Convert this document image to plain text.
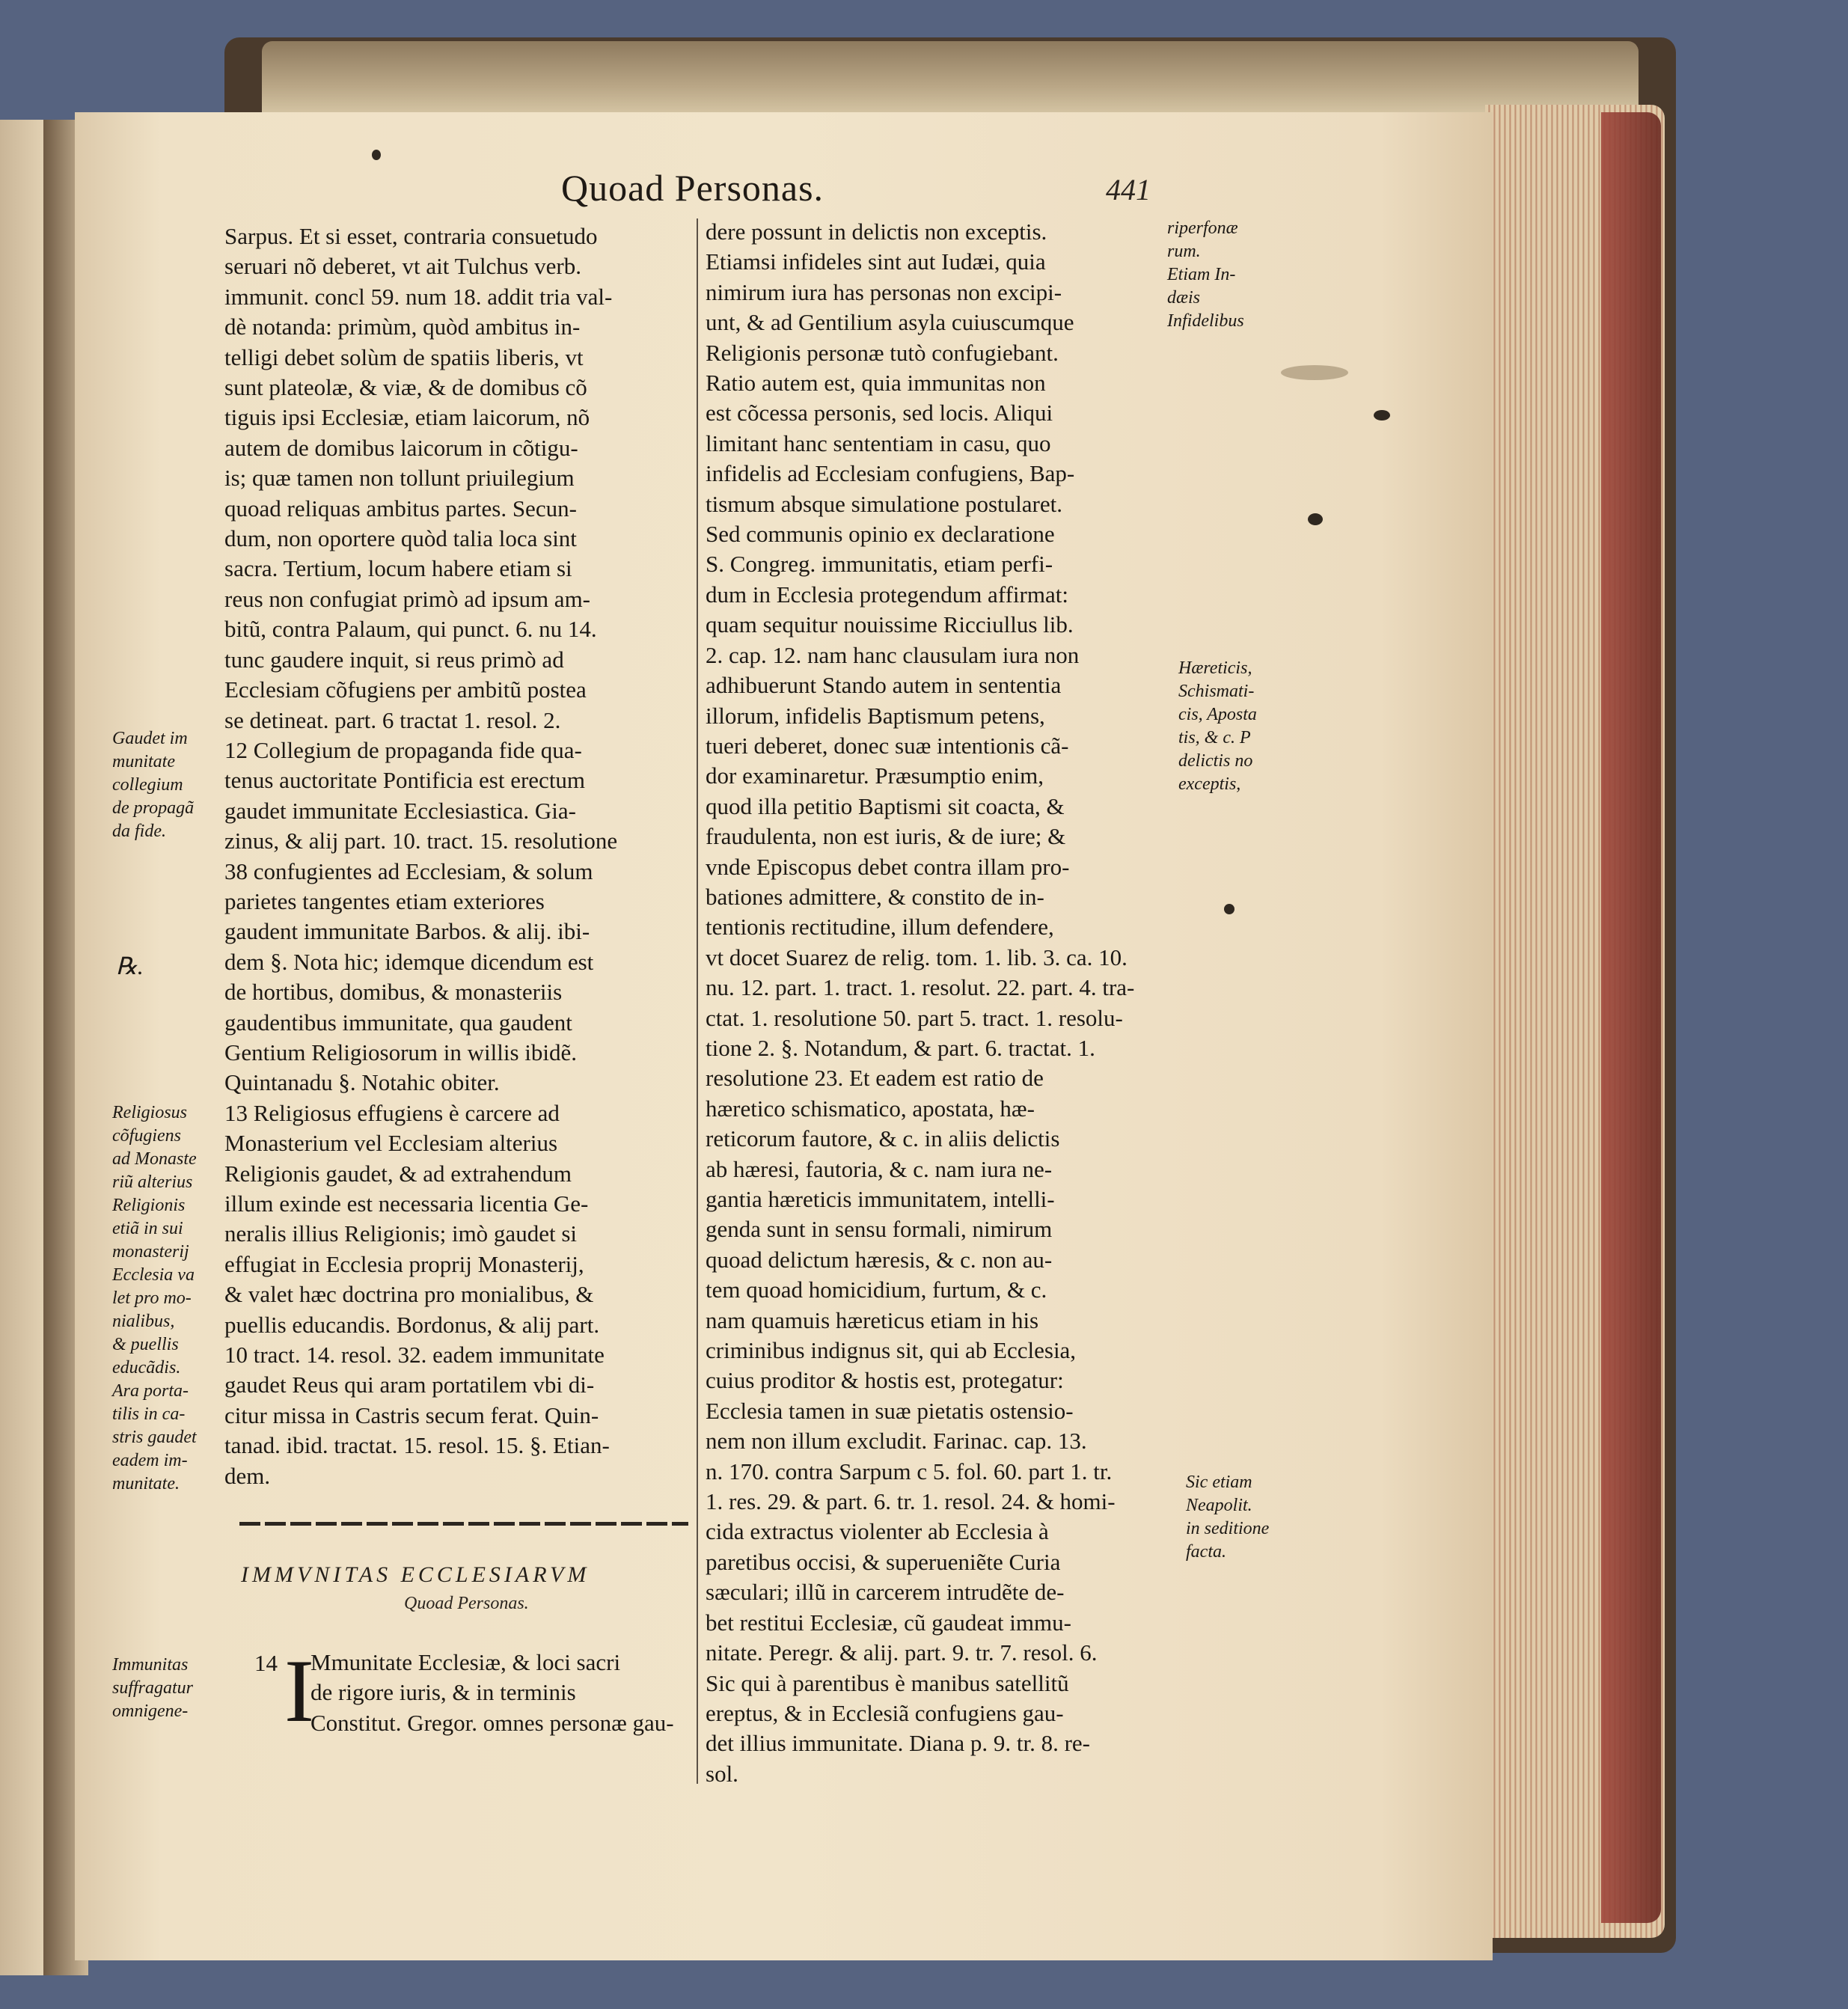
Quoad Personas.	441
Sarpus. Et si esset, contraria consuetudo
seruari nõ deberet, vt ait Tulchus verb.
immunit. concl 59. num 18. addit tria val-
dè notanda: primùm, quòd ambitus in-
telligi debet solùm de spatiis liberis, vt
sunt plateolæ, & viæ, & de domibus cõ
tiguis ipsi Ecclesiæ, etiam laicorum, nõ
autem de domibus laicorum in cõtigu-
is; quæ tamen non tollunt priuilegium
quoad reliquas ambitus partes. Secun-
dum, non oportere quòd talia loca sint
sacra. Tertium, locum habere etiam si
reus non confugiat primò ad ipsum am-
bitũ, contra Palaum, qui punct. 6. nu 14.
tunc gaudere inquit, si reus primò ad
Ecclesiam cõfugiens per ambitũ postea
se detineat. part. 6 tractat 1. resol. 2.
12 Collegium de propaganda fide qua-
tenus auctoritate Pontificia est erectum
gaudet immunitate Ecclesiastica. Gia-
zinus, & alij part. 10. tract. 15. resolutione
38 confugientes ad Ecclesiam, & solum
parietes tangentes etiam exteriores
gaudent immunitate Barbos. & alij. ibi-
dem §. Nota hic; idemque dicendum est
de hortibus, domibus, & monasteriis
gaudentibus immunitate, qua gaudent
Gentium Religiosorum in willis ibidẽ.
Quintanadu §. Notahic obiter.
13 Religiosus effugiens è carcere ad
Monasterium vel Ecclesiam alterius
Religionis gaudet, & ad extrahendum
illum exinde est necessaria licentia Ge-
neralis illius Religionis; imò gaudet si
effugiat in Ecclesia proprij Monasterij,
& valet hæc doctrina pro monialibus, &
puellis educandis. Bordonus, & alij part.
10 tract. 14. resol. 32. eadem immunitate
gaudet Reus qui aram portatilem vbi di-
citur missa in Castris secum ferat. Quin-
tanad. ibid. tractat. 15. resol. 15. §. Etian-
dem.
dere possunt in delictis non exceptis.
Etiamsi infideles sint aut Iudæi, quia
nimirum iura has personas non excipi-
unt, & ad Gentilium asyla cuiuscumque
Religionis personæ tutò confugiebant.
Ratio autem est, quia immunitas non
est cõcessa personis, sed locis. Aliqui
limitant hanc sententiam in casu, quo
infidelis ad Ecclesiam confugiens, Bap-
tismum absque simulatione postularet.
Sed communis opinio ex declaratione
S. Congreg. immunitatis, etiam perfi-
dum in Ecclesia protegendum affirmat:
quam sequitur nouissime Ricciullus lib.
2. cap. 12. nam hanc clausulam iura non
adhibuerunt Stando autem in sententia
illorum, infidelis Baptismum petens,
tueri deberet, donec suæ intentionis cã-
dor examinaretur. Præsumptio enim,
quod illa petitio Baptismi sit coacta, &
fraudulenta, non est iuris, & de iure; &
vnde Episcopus debet contra illam pro-
bationes admittere, & constito de in-
tentionis rectitudine, illum defendere,
vt docet Suarez de relig. tom. 1. lib. 3. ca. 10.
nu. 12. part. 1. tract. 1. resolut. 22. part. 4. tra-
ctat. 1. resolutione 50. part 5. tract. 1. resolu-
tione 2. §. Notandum, & part. 6. tractat. 1.
resolutione 23. Et eadem est ratio de
hæretico schismatico, apostata, hæ-
reticorum fautore, & c. in aliis delictis
ab hæresi, fautoria, & c. nam iura ne-
gantia hæreticis immunitatem, intelli-
genda sunt in sensu formali, nimirum
quoad delictum hæresis, & c. non au-
tem quoad homicidium, furtum, & c.
nam quamuis hæreticus etiam in his
criminibus indignus sit, qui ab Ecclesia,
cuius proditor & hostis est, protegatur:
Ecclesia tamen in suæ pietatis ostensio-
nem non illum excludit. Farinac. cap. 13.
n. 170. contra Sarpum c 5. fol. 60. part 1. tr.
1. res. 29. & part. 6. tr. 1. resol. 24. & homi-
cida extractus violenter ab Ecclesia à
paretibus occisi, & superueniẽte Curia
sæculari; illũ in carcerem intrudẽte de-
bet restitui Ecclesiæ, cũ gaudeat immu-
nitate. Peregr. & alij. part. 9. tr. 7. resol. 6.
Sic qui à parentibus è manibus satellitũ
ereptus, & in Ecclesiã confugiens gau-
det illius immunitate. Diana p. 9. tr. 8. re-
sol.
IMMVNITAS ECCLESIARVM
Quoad Personas.
14 I
Mmunitate Ecclesiæ, & loci sacri
de rigore iuris, & in terminis
Constitut. Gregor. omnes personæ gau-
Gaudet im
munitate
collegium
de propagã
da fide.
℞.
Religiosus
cõfugiens
ad Monaste
riũ alterius
Religionis
etiã in sui
monasterij
Ecclesia va
let pro mo-
nialibus,
& puellis
educãdis.
Ara porta-
tilis in ca-
stris gaudet
eadem im-
munitate.
Immunitas
suffragatur
omnigene-
riperfonæ
rum.
Etiam In-
dæis
Infidelibus
Hæreticis,
Schismati-
cis, Aposta
tis, & c. P
delictis no
exceptis,
Sic etiam
Neapolit.
in seditione
facta.
